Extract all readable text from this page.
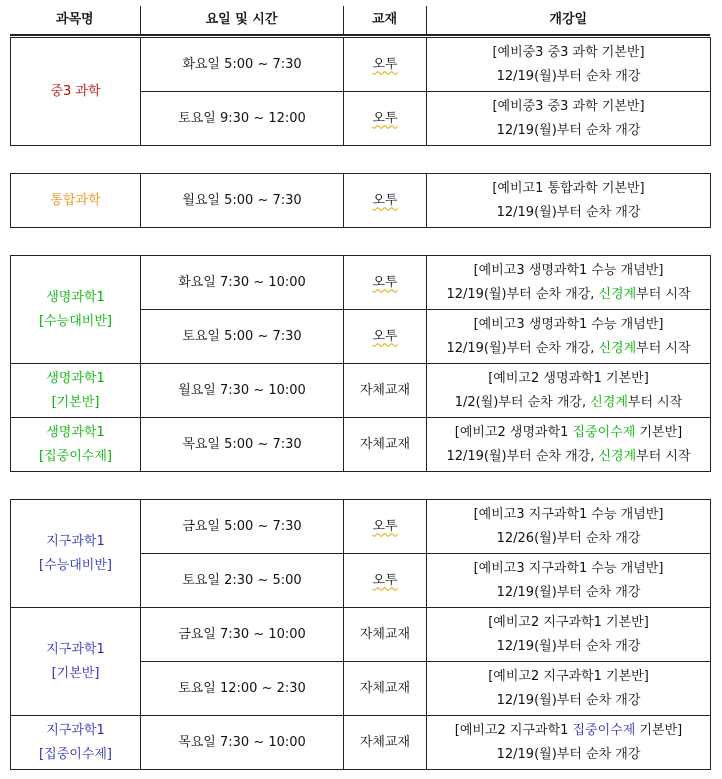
과목명	요일 및 시간	교재	개강일
중3 과학	화요일 5:00 ~ 7:30	오투	[예비중3 중3 과학 기본반]
12/19(월)부터 순차 개강

	토요일 9:30 ~ 12:00	오투	[예비중3 중3 과학 기본반]
12/19(월)부터 순차 개강
통합과학	월요일 5:00 ~ 7:30	오투	
[예비고1 통합과학 기본반]
12/19(월)부터 순차 개강
생명과학1
[수능대비반]	화요일 7:30 ~ 10:00	오투	[예비고3 생명과학1 수능 개념반]
12/19(월)부터 순차 개강, 신경계부터 시작

	토요일 5:00 ~ 7:30	오투	[예비고3 생명과학1 수능 개념반]
12/19(월)부터 순차 개강, 신경계부터 시작

생명과학1
[기본반]	월요일 7:30 ~ 10:00	자체교재	[예비고2 생명과학1 기본반]
1/2(월)부터 순차 개강, 신경계부터 시작

생명과학1
[집중이수제]	목요일 5:00 ~ 7:30	자체교재	[예비고2 생명과학1 집중이수제 기본반]
12/19(월)부터 순차 개강, 신경계부터 시작
지구과학1
[수능대비반]	금요일 5:00 ~ 7:30	오투	[예비고3 지구과학1 수능 개념반]
12/26(월)부터 순차 개강

	토요일 2:30 ~ 5:00	오투	[예비고3 지구과학1 수능 개념반]
12/19(월)부터 순차 개강

지구과학1
[기본반]	금요일 7:30 ~ 10:00	자체교재	[예비고2 지구과학1 기본반]
12/19(월)부터 순차 개강

	토요일 12:00 ~ 2:30	자체교재	[예비고2 지구과학1 기본반]
12/19(월)부터 순차 개강

지구과학1
[집중이수제]	목요일 7:30 ~ 10:00	자체교재	[예비고2 지구과학1 집중이수제 기본반]
12/19(월)부터 순차 개강
